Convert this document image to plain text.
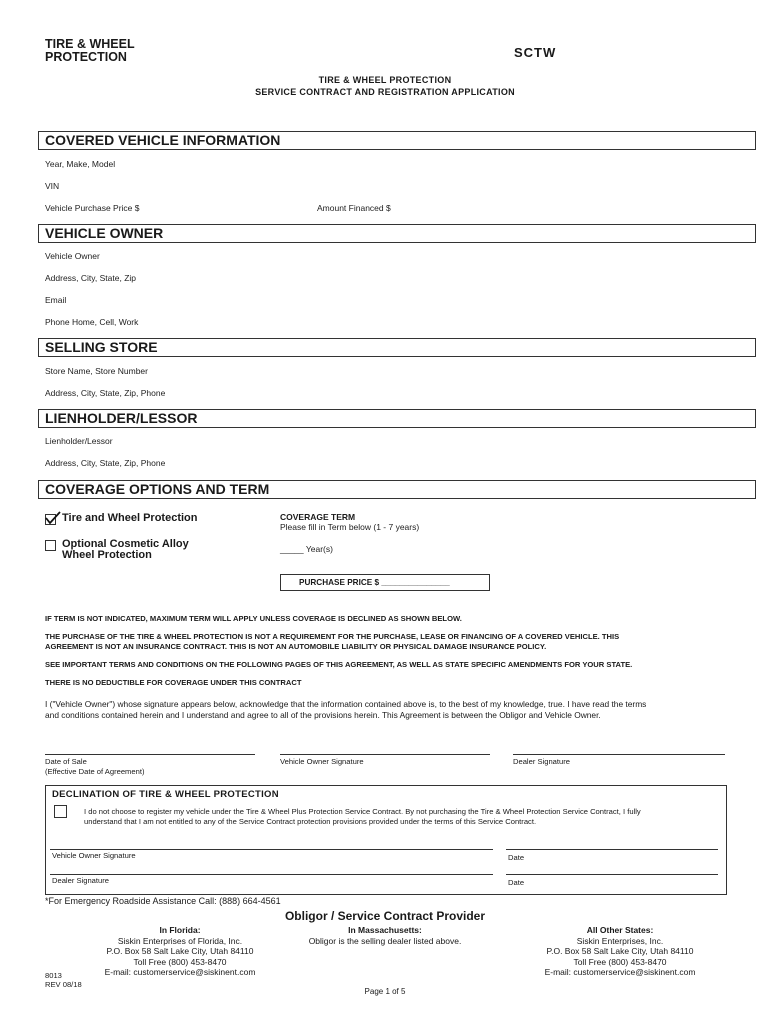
TIRE & WHEEL
PROTECTION	SCTW
TIRE & WHEEL PROTECTION
SERVICE CONTRACT AND REGISTRATION APPLICATION
COVERED VEHICLE INFORMATION
Year, Make, Model
VIN
Vehicle Purchase Price $	Amount Financed $
VEHICLE OWNER
Vehicle Owner
Address, City, State, Zip
Email
Phone Home, Cell, Work
SELLING STORE
Store Name, Store Number
Address, City, State, Zip, Phone
LIENHOLDER/LESSOR
Lienholder/Lessor
Address, City, State, Zip, Phone
COVERAGE OPTIONS AND TERM
Tire and Wheel Protection
Optional Cosmetic Alloy
Wheel Protection
COVERAGE TERM
Please fill in Term below (1 - 7 years)
_____ Year(s)
PURCHASE PRICE $ _______________
IF TERM IS NOT INDICATED, MAXIMUM TERM WILL APPLY UNLESS COVERAGE IS DECLINED AS SHOWN BELOW.
THE PURCHASE OF THE TIRE & WHEEL PROTECTION IS NOT A REQUIREMENT FOR THE PURCHASE, LEASE OR FINANCING OF A COVERED VEHICLE. THIS
AGREEMENT IS NOT AN INSURANCE CONTRACT. THIS IS NOT AN AUTOMOBILE LIABILITY OR PHYSICAL DAMAGE INSURANCE POLICY.
SEE IMPORTANT TERMS AND CONDITIONS ON THE FOLLOWING PAGES OF THIS AGREEMENT, AS WELL AS STATE SPECIFIC AMENDMENTS FOR YOUR STATE.
THERE IS NO DEDUCTIBLE FOR COVERAGE UNDER THIS CONTRACT
I ("Vehicle Owner") whose signature appears below, acknowledge that the information contained above is, to the best of my knowledge, true. I have read the terms
and conditions contained herein and I understand and agree to all of the provisions herein. This Agreement is between the Obligor and Vehicle Owner.
Date of Sale
(Effective Date of Agreement)
Vehicle Owner Signature	Dealer Signature
DECLINATION OF TIRE & WHEEL PROTECTION
I do not choose to register my vehicle under the Tire & Wheel Plus Protection Service Contract. By not purchasing the Tire & Wheel Protection Service Contract, I fully
understand that I am not entitled to any of the Service Contract protection provisions provided under the terms of this Service Contract.
Vehicle Owner Signature	Date
Dealer Signature	Date
*For Emergency Roadside Assistance Call: (888) 664-4561
Obligor / Service Contract Provider
In Florida:
Siskin Enterprises of Florida, Inc.
P.O. Box 58 Salt Lake City, Utah 84110
Toll Free (800) 453-8470
E-mail: customerservice@siskinent.com
In Massachusetts:
Obligor is the selling dealer listed above.
All Other States:
Siskin Enterprises, Inc.
P.O. Box 58 Salt Lake City, Utah 84110
Toll Free (800) 453-8470
E-mail: customerservice@siskinent.com
8013
REV 08/18
Page 1 of 5
